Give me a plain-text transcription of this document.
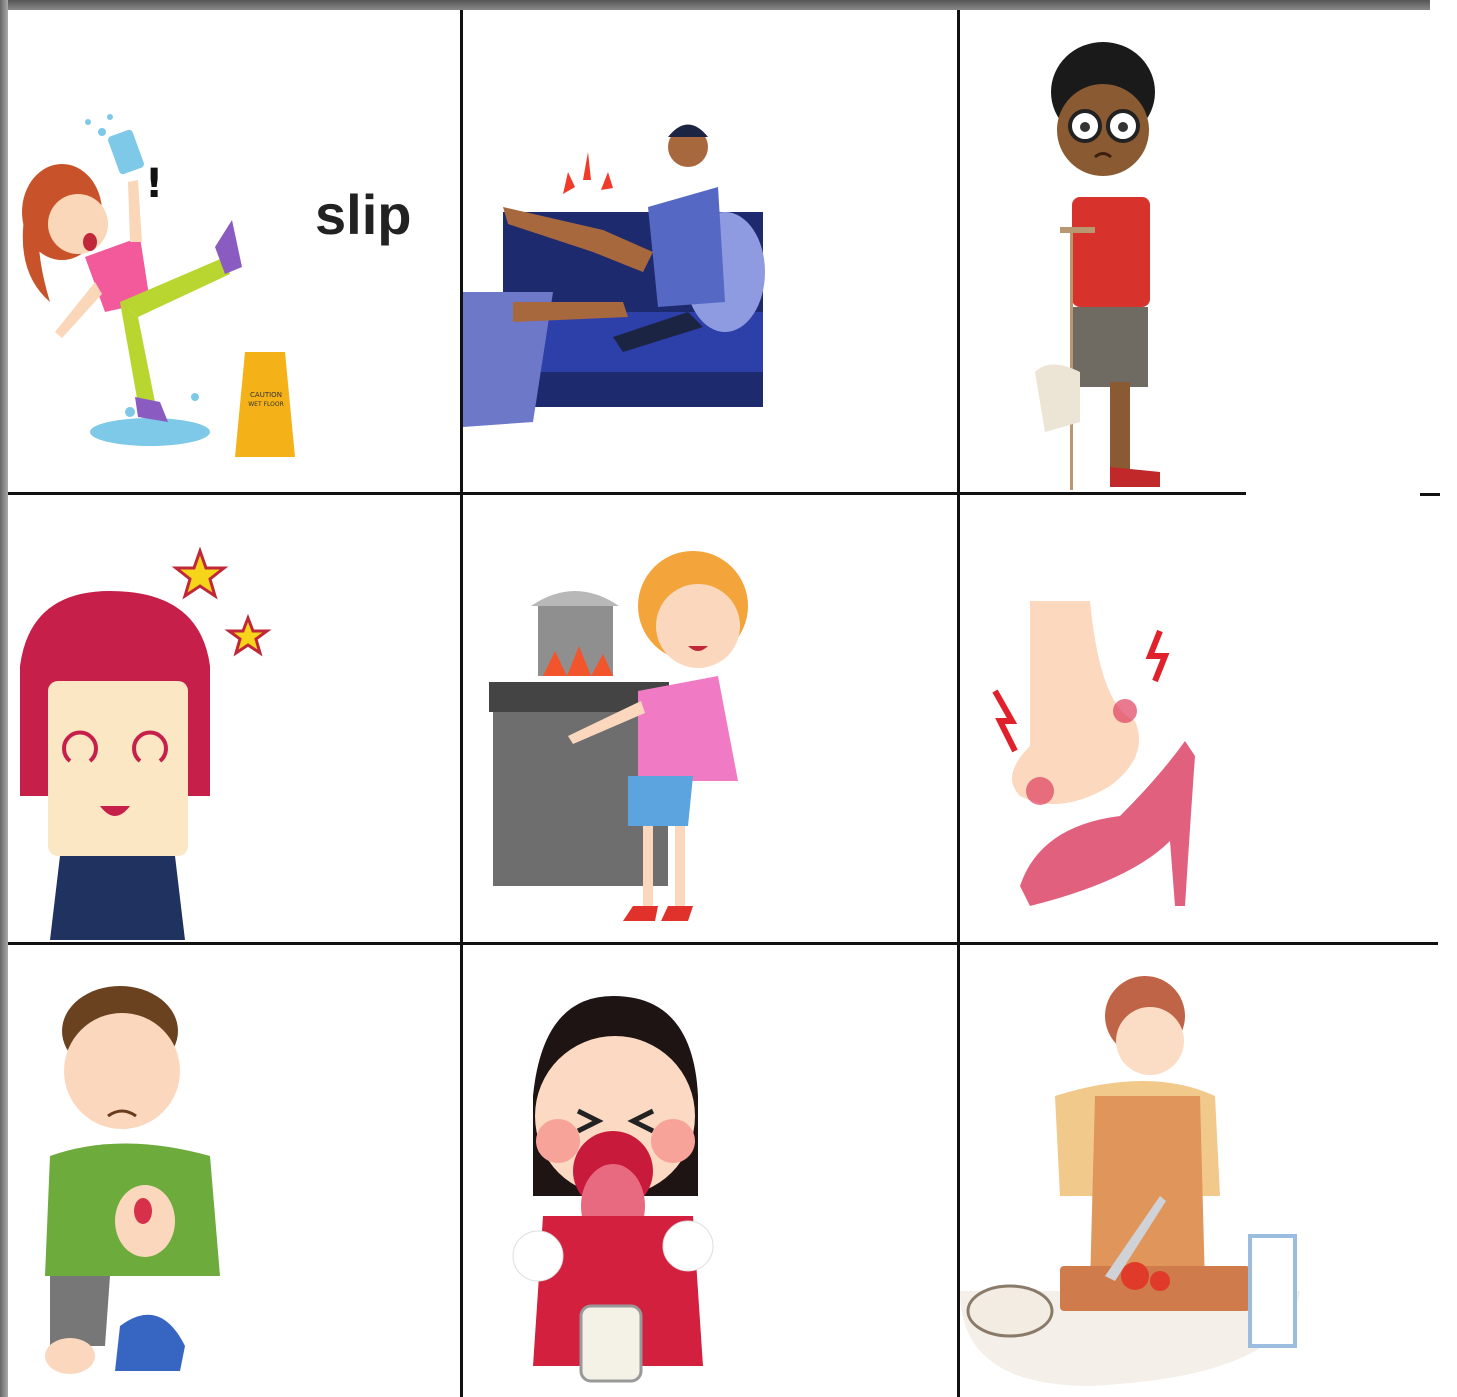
!
CAUTION
WET FLOOR
slip
